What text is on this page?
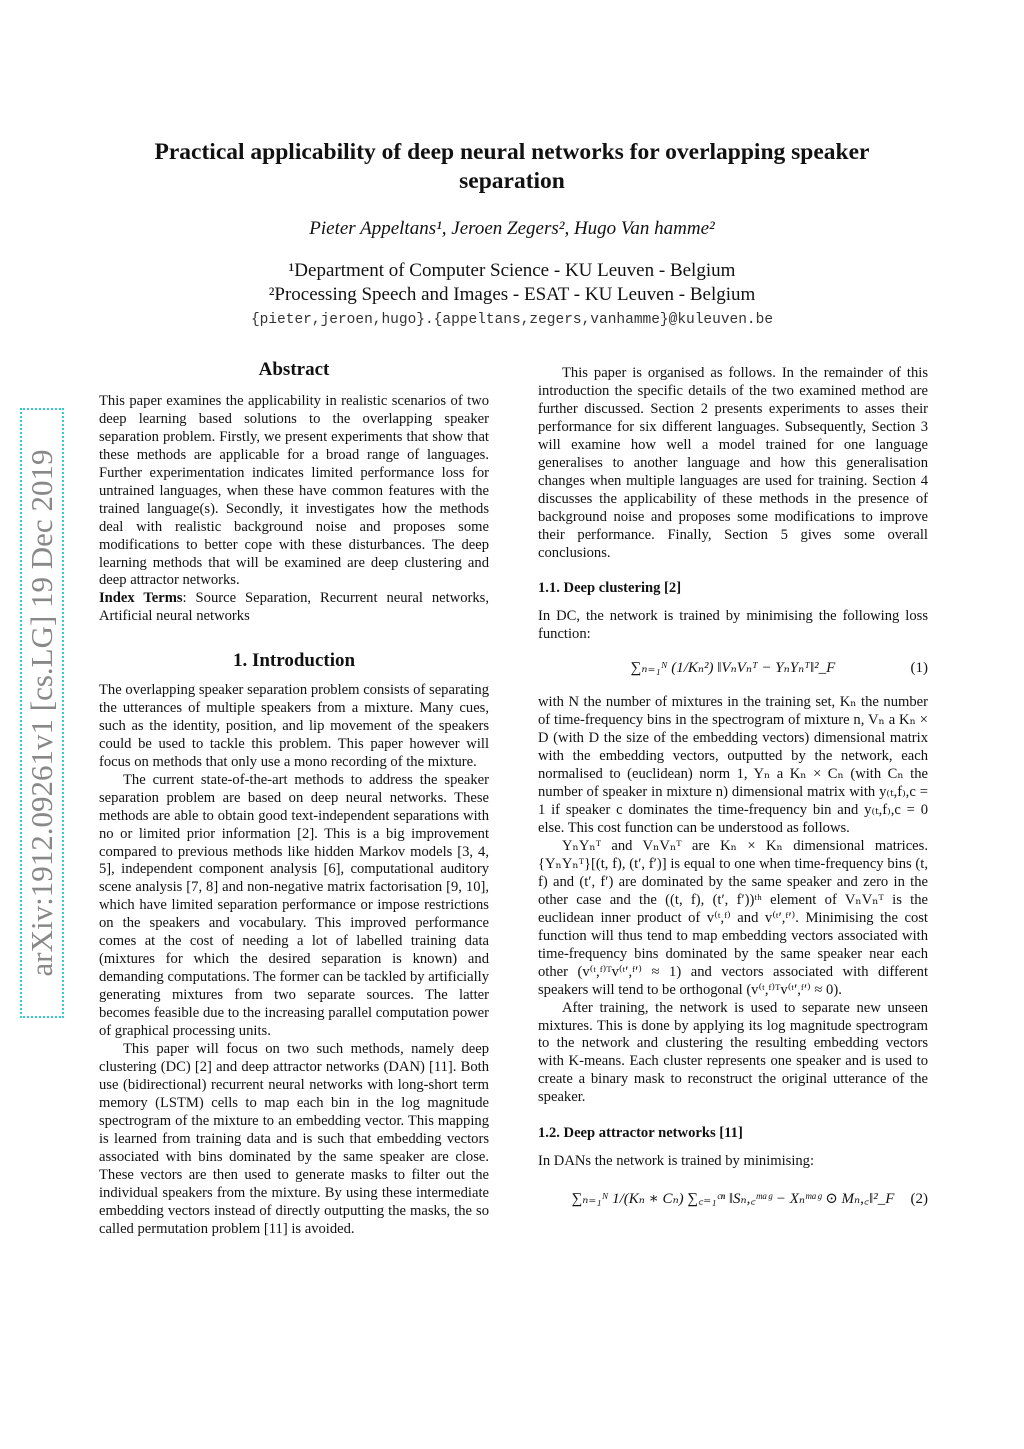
arXiv:1912.09261v1 [cs.LG] 19 Dec 2019
Practical applicability of deep neural networks for overlapping speaker separation
Pieter Appeltans¹, Jeroen Zegers², Hugo Van hamme²
¹Department of Computer Science - KU Leuven - Belgium
²Processing Speech and Images - ESAT - KU Leuven - Belgium
{pieter,jeroen,hugo}.{appeltans,zegers,vanhamme}@kuleuven.be
Abstract

This paper examines the applicability in realistic scenarios of two deep learning based solutions to the overlapping speaker separation problem. Firstly, we present experiments that show that these methods are applicable for a broad range of languages. Further experimentation indicates limited performance loss for untrained languages, when these have common features with the trained language(s). Secondly, it investigates how the methods deal with realistic background noise and proposes some modifications to better cope with these disturbances. The deep learning methods that will be examined are deep clustering and deep attractor networks.

Index Terms: Source Separation, Recurrent neural networks, Artificial neural networks

1. Introduction

The overlapping speaker separation problem consists of separating the utterances of multiple speakers from a mixture. Many cues, such as the identity, position, and lip movement of the speakers could be used to tackle this problem. This paper however will focus on methods that only use a mono recording of the mixture.

The current state-of-the-art methods to address the speaker separation problem are based on deep neural networks. These methods are able to obtain good text-independent separations with no or limited prior information [2]. This is a big improvement compared to previous methods like hidden Markov models [3, 4, 5], independent component analysis [6], computational auditory scene analysis [7, 8] and non-negative matrix factorisation [9, 10], which have limited separation performance or impose restrictions on the speakers and vocabulary. This improved performance comes at the cost of needing a lot of labelled training data (mixtures for which the desired separation is known) and demanding computations. The former can be tackled by artificially generating mixtures from two separate sources. The latter becomes feasible due to the increasing parallel computation power of graphical processing units.

This paper will focus on two such methods, namely deep clustering (DC) [2] and deep attractor networks (DAN) [11]. Both use (bidirectional) recurrent neural networks with long-short term memory (LSTM) cells to map each bin in the log magnitude spectrogram of the mixture to an embedding vector. This mapping is learned from training data and is such that embedding vectors associated with bins dominated by the same speaker are close. These vectors are then used to generate masks to filter out the individual speakers from the mixture. By using these intermediate embedding vectors instead of directly outputting the masks, the so called permutation problem [11] is avoided.

This paper is organised as follows. In the remainder of this introduction the specific details of the two examined method are further discussed. Section 2 presents experiments to asses their performance for six different languages. Subsequently, Section 3 will examine how well a model trained for one language generalises to another language and how this generalisation changes when multiple languages are used for training. Section 4 discusses the applicability of these methods in the presence of background noise and proposes some modifications to improve their performance. Finally, Section 5 gives some overall conclusions.

1.1. Deep clustering [2]

In DC, the network is trained by minimising the following loss function:

∑ₙ₌₁ᴺ (1/Kₙ²) ‖VₙVₙᵀ − YₙYₙᵀ‖²_F	(1)

with N the number of mixtures in the training set, Kₙ the number of time-frequency bins in the spectrogram of mixture n, Vₙ a Kₙ × D (with D the size of the embedding vectors) dimensional matrix with the embedding vectors, outputted by the network, each normalised to (euclidean) norm 1, Yₙ a Kₙ × Cₙ (with Cₙ the number of speaker in mixture n) dimensional matrix with y₍ₜ,f₎,c = 1 if speaker c dominates the time-frequency bin and y₍ₜ,f₎,c = 0 else. This cost function can be understood as follows.

YₙYₙᵀ and VₙVₙᵀ are Kₙ × Kₙ dimensional matrices. {YₙYₙᵀ}[(t, f), (t′, f′)] is equal to one when time-frequency bins (t, f) and (t′, f′) are dominated by the same speaker and zero in the other case and the ((t, f), (t′, f′))ᵗʰ element of VₙVₙᵀ is the euclidean inner product of v⁽ᵗ,ᶠ⁾ and v⁽ᵗ′,ᶠ′⁾. Minimising the cost function will thus tend to map embedding vectors associated with time-frequency bins dominated by the same speaker near each other (v⁽ᵗ,ᶠ⁾ᵀv⁽ᵗ′,ᶠ′⁾ ≈ 1) and vectors associated with different speakers will tend to be orthogonal (v⁽ᵗ,ᶠ⁾ᵀv⁽ᵗ′,ᶠ′⁾ ≈ 0).

After training, the network is used to separate new unseen mixtures. This is done by applying its log magnitude spectrogram to the network and clustering the resulting embedding vectors with K-means. Each cluster represents one speaker and is used to create a binary mask to reconstruct the original utterance of the speaker.

1.2. Deep attractor networks [11]

In DANs the network is trained by minimising:

∑ₙ₌₁ᴺ 1/(Kₙ ∗ Cₙ) ∑꜀₌₁ᶜⁿ ‖Sₙ,꜀ᵐᵃᵍ − Xₙᵐᵃᵍ ⊙ Mₙ,꜀‖²_F (2)
